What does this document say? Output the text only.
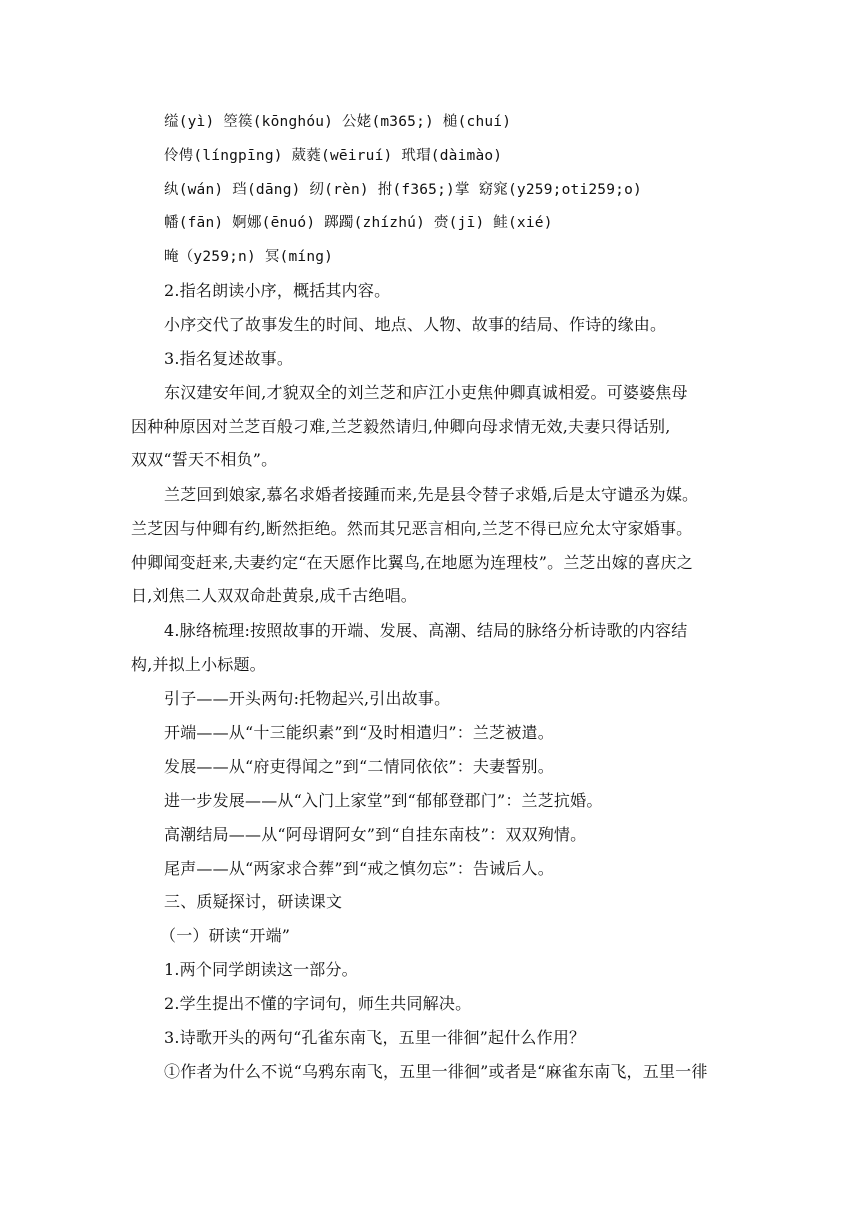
缢(yì) 箜篌(kōnghóu) 公姥(m365;) 槌(chuí)
伶俜(língpīng) 葳蕤(wēiruí) 玳瑁(dàimào)
纨(wán) 珰(dāng) 纫(rèn) 拊(f365;)掌 窈窕(y259;oti259;o)
幡(fān) 婀娜(ēnuó) 踯躅(zhízhú) 赍(jī) 鲑(xié)
晻（y259;n) 冥(míng)
2.指名朗读小序，概括其内容。
小序交代了故事发生的时间、地点、人物、故事的结局、作诗的缘由。
3.指名复述故事。
东汉建安年间,才貌双全的刘兰芝和庐江小吏焦仲卿真诚相爱。可婆婆焦母
因种种原因对兰芝百般刁难,兰芝毅然请归,仲卿向母求情无效,夫妻只得话别,
双双“誓天不相负”。
兰芝回到娘家,慕名求婚者接踵而来,先是县令替子求婚,后是太守谴丞为媒。
兰芝因与仲卿有约,断然拒绝。然而其兄恶言相向,兰芝不得已应允太守家婚事。
仲卿闻变赶来,夫妻约定“在天愿作比翼鸟,在地愿为连理枝”。兰芝出嫁的喜庆之
日,刘焦二人双双命赴黄泉,成千古绝唱。
4.脉络梳理:按照故事的开端、发展、高潮、结局的脉络分析诗歌的内容结
构,并拟上小标题。
引子——开头两句:托物起兴,引出故事。
开端——从“十三能织素”到“及时相遣归”：兰芝被遣。
发展——从“府吏得闻之”到“二情同依依”：夫妻誓别。
进一步发展——从“入门上家堂”到“郁郁登郡门”：兰芝抗婚。
高潮结局——从“阿母谓阿女”到“自挂东南枝”：双双殉情。
尾声——从“两家求合葬”到“戒之慎勿忘”：告诫后人。
三、质疑探讨，研读课文
（一）研读“开端”
1.两个同学朗读这一部分。
2.学生提出不懂的字词句，师生共同解决。
3.诗歌开头的两句“孔雀东南飞，五里一徘徊”起什么作用？
①作者为什么不说“乌鸦东南飞，五里一徘徊”或者是“麻雀东南飞，五里一徘
